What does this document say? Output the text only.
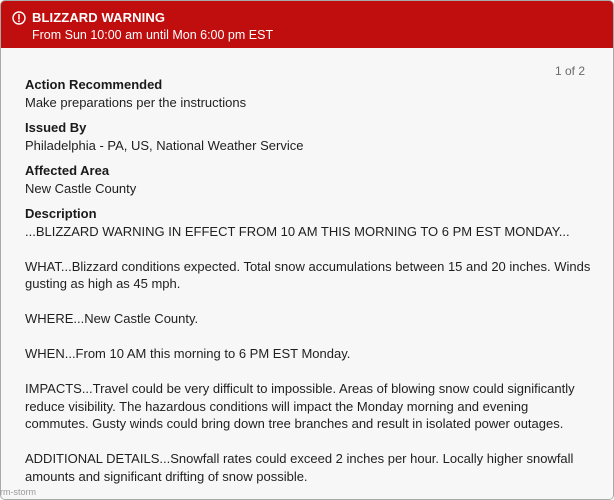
BLIZZARD WARNING
From Sun 10:00 am until Mon 6:00 pm EST
1 of 2
Action Recommended
Make preparations per the instructions
Issued By
Philadelphia - PA, US, National Weather Service
Affected Area
New Castle County
Description

...BLIZZARD WARNING IN EFFECT FROM 10 AM THIS MORNING TO 6 PM EST MONDAY...

WHAT...Blizzard conditions expected. Total snow accumulations between 15 and 20 inches. Winds gusting as high as 45 mph.

WHERE...New Castle County.

WHEN...From 10 AM this morning to 6 PM EST Monday.

IMPACTS...Travel could be very difficult to impossible. Areas of blowing snow could significantly reduce visibility. The hazardous conditions will impact the Monday morning and evening commutes. Gusty winds could bring down tree branches and result in isolated power outages.

ADDITIONAL DETAILS...Snowfall rates could exceed 2 inches per hour. Locally higher snowfall amounts and significant drifting of snow possible.

rm-storm
